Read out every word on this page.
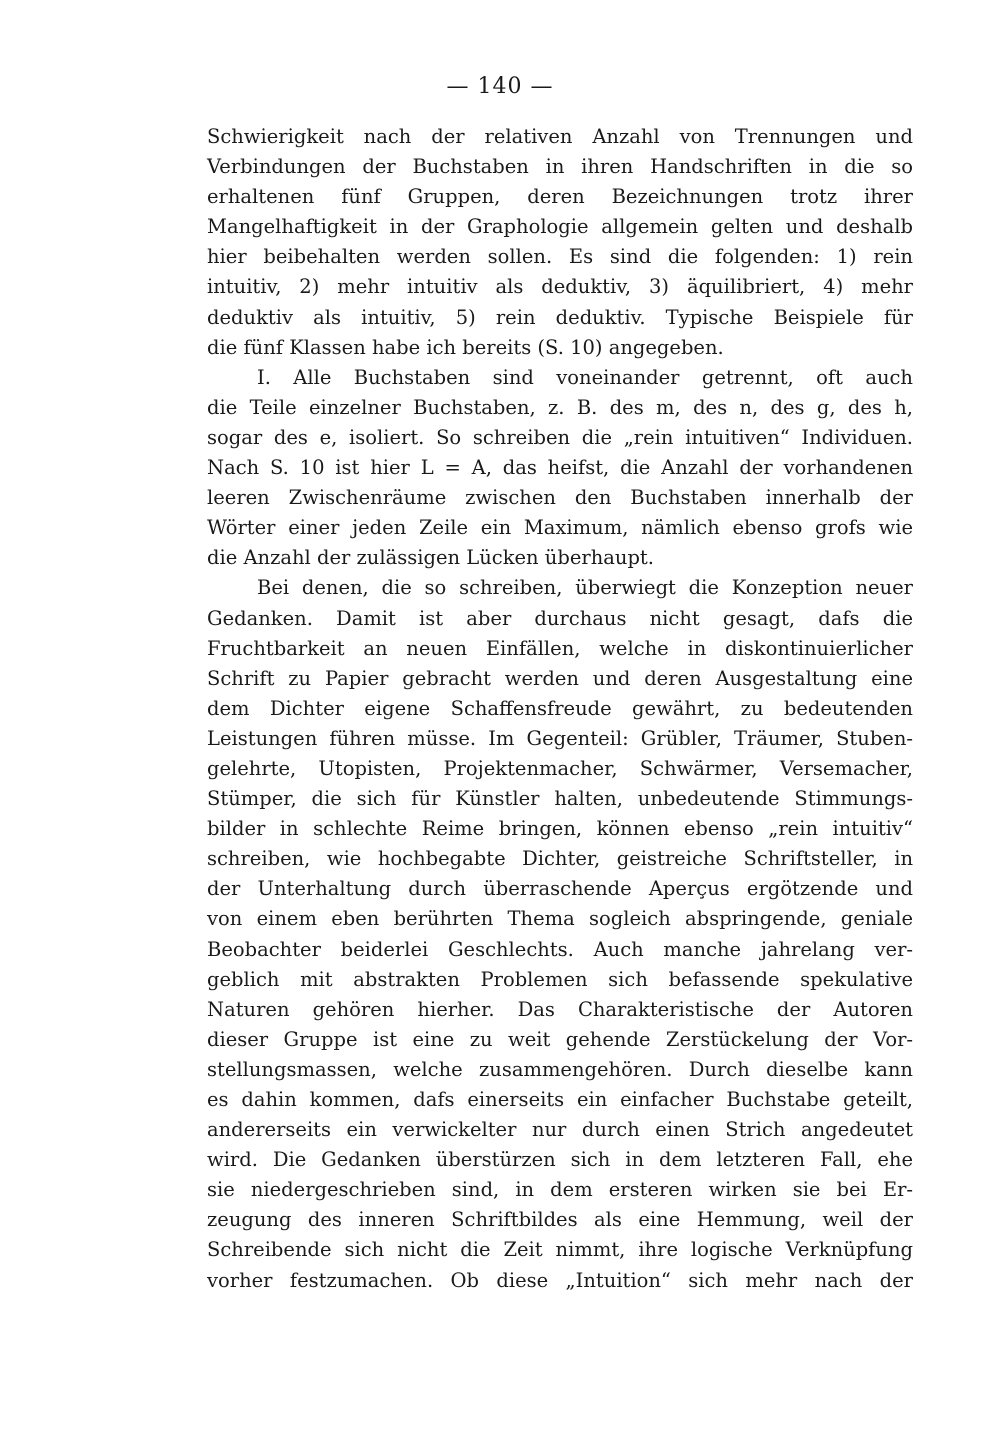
— 140 —
Schwierigkeit nach der relativen Anzahl von Trennungen und
Verbindungen der Buchstaben in ihren Handschriften in die so
erhaltenen fünf Gruppen, deren Bezeichnungen trotz ihrer
Mangelhaftigkeit in der Graphologie allgemein gelten und deshalb
hier beibehalten werden sollen. Es sind die folgenden: 1) rein
intuitiv, 2) mehr intuitiv als deduktiv, 3) äquilibriert, 4) mehr
deduktiv als intuitiv, 5) rein deduktiv. Typische Beispiele für
die fünf Klassen habe ich bereits (S. 10) angegeben.
I. Alle Buchstaben sind voneinander getrennt, oft auch
die Teile einzelner Buchstaben, z. B. des m, des n, des g, des h,
sogar des e, isoliert. So schreiben die „rein intuitiven“ Individuen.
Nach S. 10 ist hier L = A, das heifst, die Anzahl der vorhandenen
leeren Zwischenräume zwischen den Buchstaben innerhalb der
Wörter einer jeden Zeile ein Maximum, nämlich ebenso grofs wie
die Anzahl der zulässigen Lücken überhaupt.
Bei denen, die so schreiben, überwiegt die Konzeption neuer
Gedanken. Damit ist aber durchaus nicht gesagt, dafs die
Fruchtbarkeit an neuen Einfällen, welche in diskontinuierlicher
Schrift zu Papier gebracht werden und deren Ausgestaltung eine
dem Dichter eigene Schaffensfreude gewährt, zu bedeutenden
Leistungen führen müsse. Im Gegenteil: Grübler, Träumer, Stuben-
gelehrte, Utopisten, Projektenmacher, Schwärmer, Versemacher,
Stümper, die sich für Künstler halten, unbedeutende Stimmungs-
bilder in schlechte Reime bringen, können ebenso „rein intuitiv“
schreiben, wie hochbegabte Dichter, geistreiche Schriftsteller, in
der Unterhaltung durch überraschende Aperçus ergötzende und
von einem eben berührten Thema sogleich abspringende, geniale
Beobachter beiderlei Geschlechts. Auch manche jahrelang ver-
geblich mit abstrakten Problemen sich befassende spekulative
Naturen gehören hierher. Das Charakteristische der Autoren
dieser Gruppe ist eine zu weit gehende Zerstückelung der Vor-
stellungsmassen, welche zusammengehören. Durch dieselbe kann
es dahin kommen, dafs einerseits ein einfacher Buchstabe geteilt,
andererseits ein verwickelter nur durch einen Strich angedeutet
wird. Die Gedanken überstürzen sich in dem letzteren Fall, ehe
sie niedergeschrieben sind, in dem ersteren wirken sie bei Er-
zeugung des inneren Schriftbildes als eine Hemmung, weil der
Schreibende sich nicht die Zeit nimmt, ihre logische Verknüpfung
vorher festzumachen. Ob diese „Intuition“ sich mehr nach der
